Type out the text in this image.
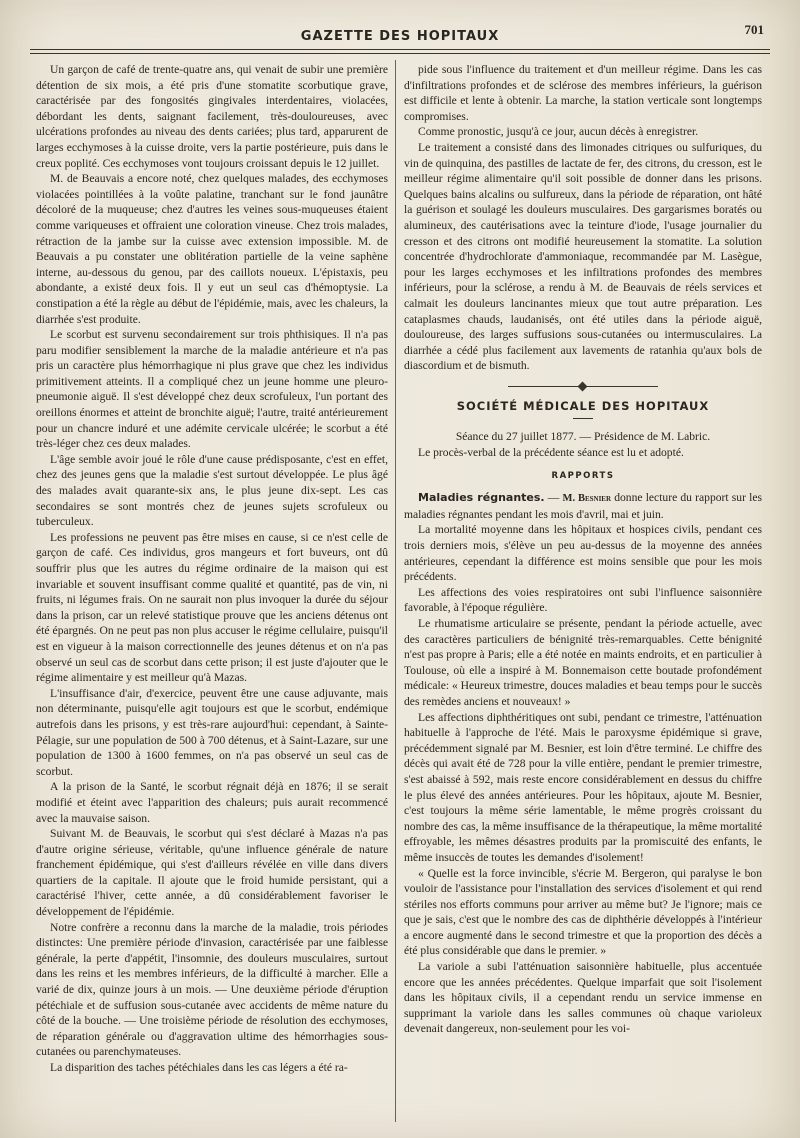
GAZETTE DES HOPITAUX	701

Un garçon de café de trente-quatre ans, qui venait de subir une première détention de six mois, a été pris d'une stomatite scorbutique grave, caractérisée par des fongosités gingivales interdentaires, violacées, débordant les dents, saignant facilement, très-douloureuses, avec ulcérations profondes au niveau des dents cariées; plus tard, apparurent de larges ecchymoses à la cuisse droite, vers la partie postérieure, puis dans le creux poplité. Ces ecchymoses vont toujours croissant depuis le 12 juillet.

M. de Beauvais a encore noté, chez quelques malades, des ecchymoses violacées pointillées à la voûte palatine, tranchant sur le fond jaunâtre décoloré de la muqueuse; chez d'autres les veines sous-muqueuses étaient comme variqueuses et offraient une coloration vineuse. Chez trois malades, rétraction de la jambe sur la cuisse avec extension impossible. M. de Beauvais a pu constater une oblitération partielle de la veine saphène interne, au-dessous du genou, par des caillots noueux. L'épistaxis, peu abondante, a existé deux fois. Il y eut un seul cas d'hémoptysie. La constipation a été la règle au début de l'épidémie, mais, avec les chaleurs, la diarrhée s'est produite.

Le scorbut est survenu secondairement sur trois phthisiques. Il n'a pas paru modifier sensiblement la marche de la maladie antérieure et n'a pas pris un caractère plus hémorrhagique ni plus grave que chez les individus primitivement atteints. Il a compliqué chez un jeune homme une pleuro-pneumonie aiguë. Il s'est développé chez deux scrofuleux, l'un portant des oreillons énormes et atteint de bronchite aiguë; l'autre, traité antérieurement pour un chancre induré et une adémite cervicale ulcérée; le scorbut a été très-léger chez ces deux malades.

L'âge semble avoir joué le rôle d'une cause prédisposante, c'est en effet, chez des jeunes gens que la maladie s'est surtout développée. Le plus âgé des malades avait quarante-six ans, le plus jeune dix-sept. Les cas secondaires se sont montrés chez de jeunes sujets scrofuleux ou tuberculeux.

Les professions ne peuvent pas être mises en cause, si ce n'est celle de garçon de café. Ces individus, gros mangeurs et fort buveurs, ont dû souffrir plus que les autres du régime ordinaire de la maison qui est invariable et souvent insuffisant comme qualité et quantité, pas de vin, ni fruits, ni légumes frais. On ne saurait non plus invoquer la durée du séjour dans la prison, car un relevé statistique prouve que les anciens détenus ont été épargnés. On ne peut pas non plus accuser le régime cellulaire, puisqu'il est en vigueur à la maison correctionnelle des jeunes détenus et on n'a pas observé un seul cas de scorbut dans cette prison; il est juste d'ajouter que le régime alimentaire y est meilleur qu'à Mazas.

L'insuffisance d'air, d'exercice, peuvent être une cause adjuvante, mais non déterminante, puisqu'elle agit toujours est que le scorbut, endémique autrefois dans les prisons, y est très-rare aujourd'hui: cependant, à Sainte-Pélagie, sur une population de 500 à 700 détenus, et à Saint-Lazare, sur une population de 1300 à 1600 femmes, on n'a pas observé un seul cas de scorbut.

A la prison de la Santé, le scorbut régnait déjà en 1876; il se serait modifié et éteint avec l'apparition des chaleurs; puis aurait recommencé avec la mauvaise saison.

Suivant M. de Beauvais, le scorbut qui s'est déclaré à Mazas n'a pas d'autre origine sérieuse, véritable, qu'une influence générale de nature franchement épidémique, qui s'est d'ailleurs révélée en ville dans divers quartiers de la capitale. Il ajoute que le froid humide persistant, qui a caractérisé l'hiver, cette année, a dû considérablement favoriser le développement de l'épidémie.

Notre confrère a reconnu dans la marche de la maladie, trois périodes distinctes: Une première période d'invasion, caractérisée par une faiblesse générale, la perte d'appétit, l'insomnie, des douleurs musculaires, surtout dans les reins et les membres inférieurs, de la difficulté à marcher. Elle a varié de dix, quinze jours à un mois. — Une deuxième période d'éruption pétéchiale et de suffusion sous-cutanée avec accidents de même nature du côté de la bouche. — Une troisième période de résolution des ecchymoses, de réparation générale ou d'aggravation ultime des hémorrhagies sous-cutanées ou parenchymateuses.

La disparition des taches pétéchiales dans les cas légers a été ra-

pide sous l'influence du traitement et d'un meilleur régime. Dans les cas d'infiltrations profondes et de sclérose des membres inférieurs, la guérison est difficile et lente à obtenir. La marche, la station verticale sont longtemps compromises.

Comme pronostic, jusqu'à ce jour, aucun décès à enregistrer.

Le traitement a consisté dans des limonades citriques ou sulfuriques, du vin de quinquina, des pastilles de lactate de fer, des citrons, du cresson, est le meilleur régime alimentaire qu'il soit possible de donner dans les prisons. Quelques bains alcalins ou sulfureux, dans la période de réparation, ont hâté la guérison et soulagé les douleurs musculaires. Des gargarismes boratés ou alumineux, des cautérisations avec la teinture d'iode, l'usage journalier du cresson et des citrons ont modifié heureusement la stomatite. La solution concentrée d'hydrochlorate d'ammoniaque, recommandée par M. Lasègue, pour les larges ecchymoses et les infiltrations profondes des membres inférieurs, pour la sclérose, a rendu à M. de Beauvais de réels services et calmait les douleurs lancinantes mieux que tout autre préparation. Les cataplasmes chauds, laudanisés, ont été utiles dans la période aiguë, douloureuse, des larges suffusions sous-cutanées ou intermusculaires. La diarrhée a cédé plus facilement aux lavements de ratanhia qu'aux bols de diascordium et de bismuth.

SOCIÉTÉ MÉDICALE DES HOPITAUX

Séance du 27 juillet 1877. — Présidence de M. Labric.

Le procès-verbal de la précédente séance est lu et adopté.

RAPPORTS

Maladies régnantes. — M. Besnier donne lecture du rapport sur les maladies régnantes pendant les mois d'avril, mai et juin.

La mortalité moyenne dans les hôpitaux et hospices civils, pendant ces trois derniers mois, s'élève un peu au-dessus de la moyenne des années antérieures, cependant la différence est moins sensible que pour les mois précédents.

Les affections des voies respiratoires ont subi l'influence saisonnière favorable, à l'époque régulière.

Le rhumatisme articulaire se présente, pendant la période actuelle, avec des caractères particuliers de bénignité très-remarquables. Cette bénignité n'est pas propre à Paris; elle a été notée en maints endroits, et en particulier à Toulouse, où elle a inspiré à M. Bonnemaison cette boutade profondément médicale: « Heureux trimestre, douces maladies et beau temps pour le succès des remèdes anciens et nouveaux! »

Les affections diphthéritiques ont subi, pendant ce trimestre, l'atténuation habituelle à l'approche de l'été. Mais le paroxysme épidémique si grave, précédemment signalé par M. Besnier, est loin d'être terminé. Le chiffre des décès qui avait été de 728 pour la ville entière, pendant le premier trimestre, s'est abaissé à 592, mais reste encore considérablement en dessus du chiffre le plus élevé des années antérieures. Pour les hôpitaux, ajoute M. Besnier, c'est toujours la même série lamentable, le même progrès croissant du nombre des cas, la même insuffisance de la thérapeutique, la même mortalité effroyable, les mêmes désastres produits par la promiscuité des enfants, le même insuccès de toutes les demandes d'isolement!

« Quelle est la force invincible, s'écrie M. Bergeron, qui paralyse le bon vouloir de l'assistance pour l'installation des services d'isolement et qui rend stériles nos efforts communs pour arriver au même but? Je l'ignore; mais ce que je sais, c'est que le nombre des cas de diphthérie développés à l'intérieur a encore augmenté dans le second trimestre et que la proportion des décès a été plus considérable que dans le premier. »

La variole a subi l'atténuation saisonnière habituelle, plus accentuée encore que les années précédentes. Quelque imparfait que soit l'isolement dans les hôpitaux civils, il a cependant rendu un service immense en supprimant la variole dans les salles communes où chaque varioleux devenait dangereux, non-seulement pour les voi-
